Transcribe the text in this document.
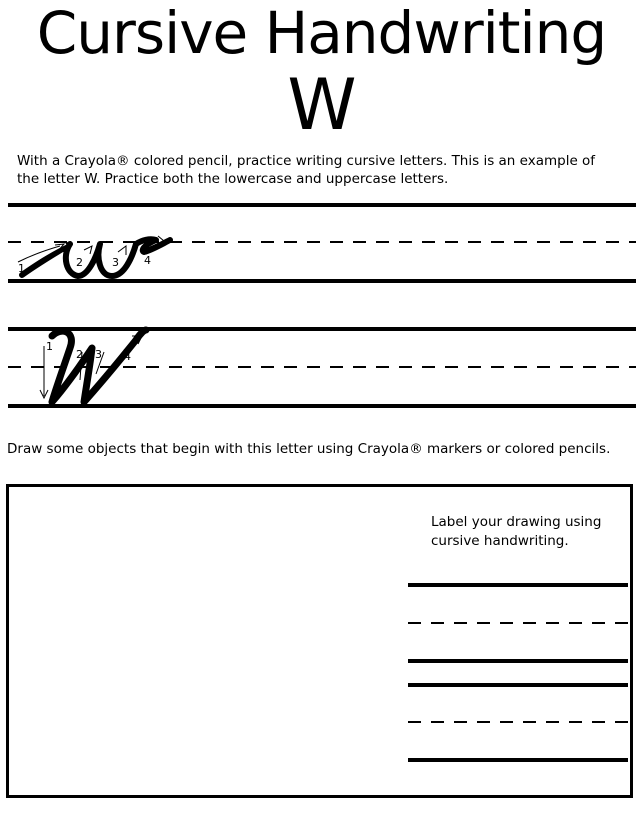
Cursive Handwriting
W
With a Crayola® colored pencil, practice writing cursive letters. This is an example of the letter W. Practice both the lowercase and uppercase letters.
1	2	3 4
1
2 3 4
Draw some objects that begin with this letter using Crayola® markers or colored pencils.
Label your drawing using cursive handwriting.
